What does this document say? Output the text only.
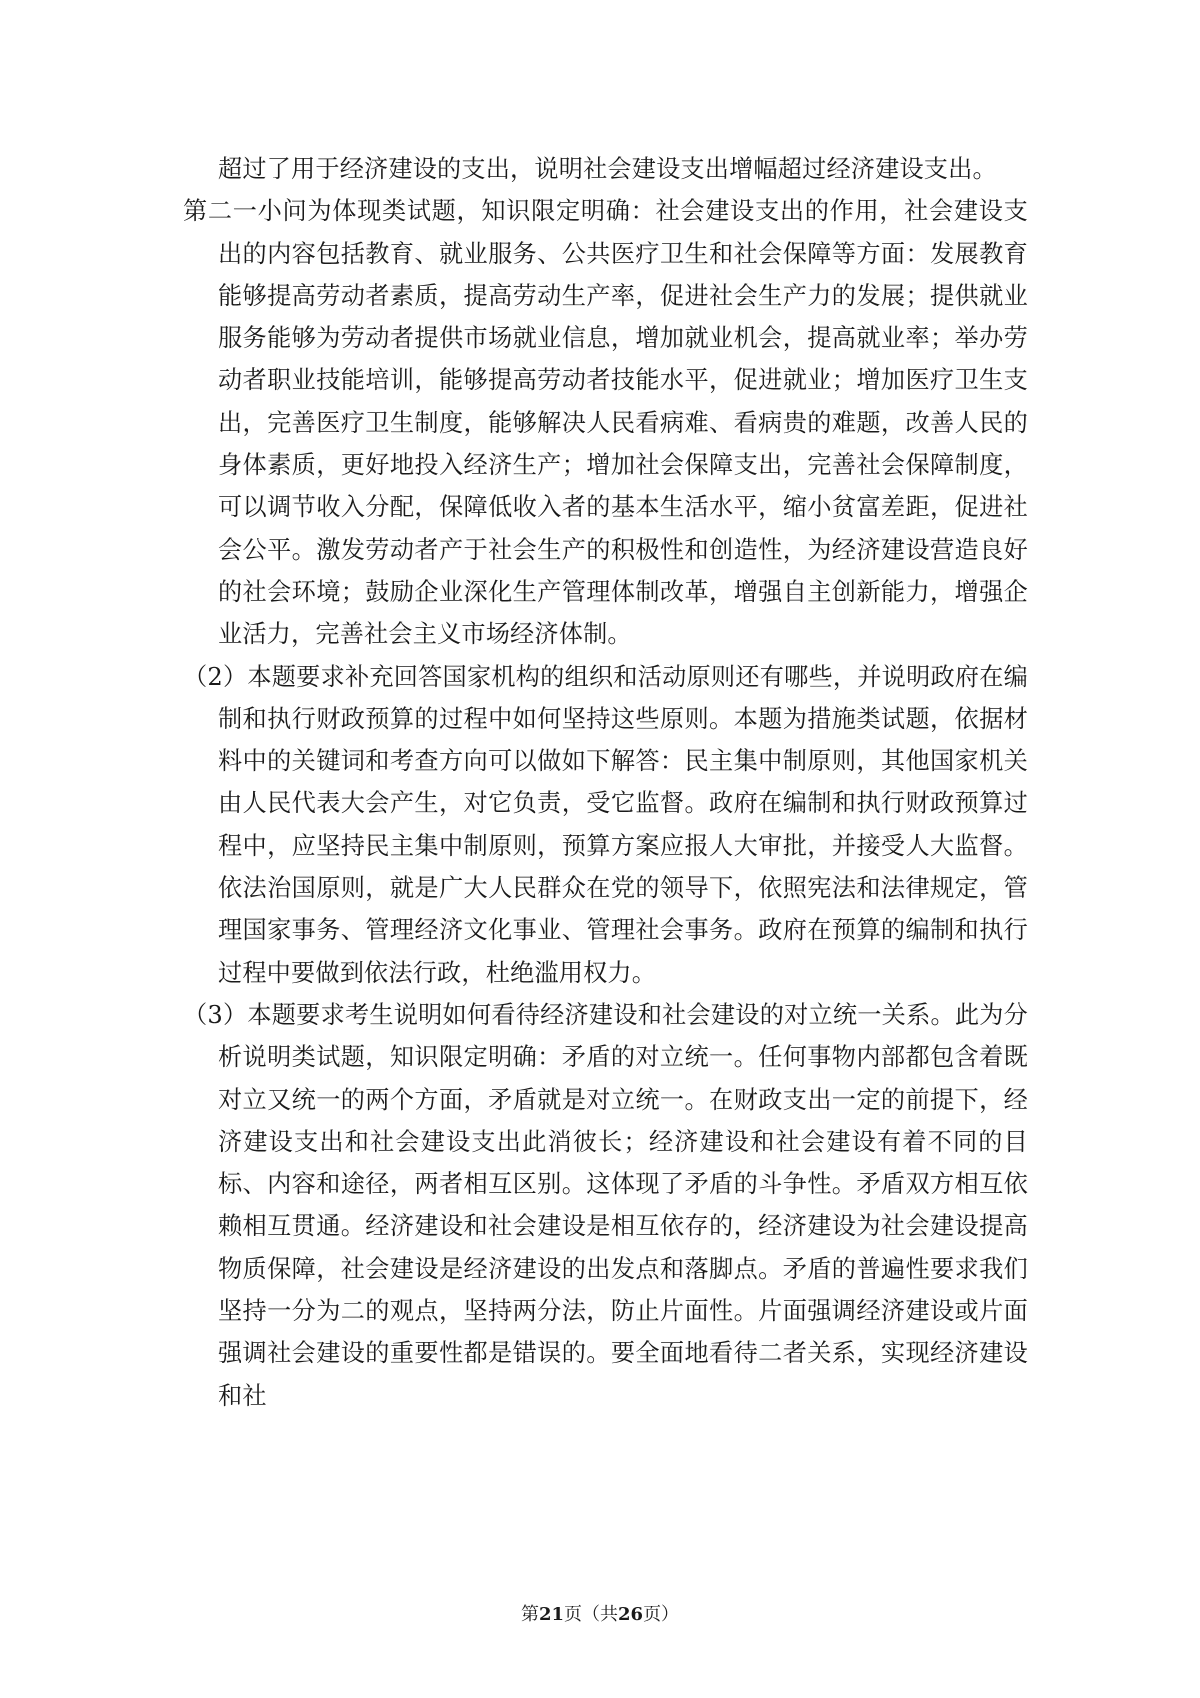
超过了用于经济建设的支出，说明社会建设支出增幅超过经济建设支出。

第二一小问为体现类试题，知识限定明确：社会建设支出的作用，社会建设支出的内容包括教育、就业服务、公共医疗卫生和社会保障等方面：发展教育能够提高劳动者素质，提高劳动生产率，促进社会生产力的发展；提供就业服务能够为劳动者提供市场就业信息，增加就业机会，提高就业率；举办劳动者职业技能培训，能够提高劳动者技能水平，促进就业；增加医疗卫生支出，完善医疗卫生制度，能够解决人民看病难、看病贵的难题，改善人民的身体素质，更好地投入经济生产；增加社会保障支出，完善社会保障制度，可以调节收入分配，保障低收入者的基本生活水平，缩小贫富差距，促进社会公平。激发劳动者产于社会生产的积极性和创造性，为经济建设营造良好的社会环境；鼓励企业深化生产管理体制改革，增强自主创新能力，增强企业活力，完善社会主义市场经济体制。

（2）本题要求补充回答国家机构的组织和活动原则还有哪些，并说明政府在编制和执行财政预算的过程中如何坚持这些原则。本题为措施类试题，依据材料中的关键词和考查方向可以做如下解答：民主集中制原则，其他国家机关由人民代表大会产生，对它负责，受它监督。政府在编制和执行财政预算过程中，应坚持民主集中制原则，预算方案应报人大审批，并接受人大监督。依法治国原则，就是广大人民群众在党的领导下，依照宪法和法律规定，管理国家事务、管理经济文化事业、管理社会事务。政府在预算的编制和执行过程中要做到依法行政，杜绝滥用权力。

（3）本题要求考生说明如何看待经济建设和社会建设的对立统一关系。此为分析说明类试题，知识限定明确：矛盾的对立统一。任何事物内部都包含着既对立又统一的两个方面，矛盾就是对立统一。在财政支出一定的前提下，经济建设支出和社会建设支出此消彼长；经济建设和社会建设有着不同的目标、内容和途径，两者相互区别。这体现了矛盾的斗争性。矛盾双方相互依赖相互贯通。经济建设和社会建设是相互依存的，经济建设为社会建设提高物质保障，社会建设是经济建设的出发点和落脚点。矛盾的普遍性要求我们坚持一分为二的观点，坚持两分法，防止片面性。片面强调经济建设或片面强调社会建设的重要性都是错误的。要全面地看待二者关系，实现经济建设和社

第21页（共26页）
